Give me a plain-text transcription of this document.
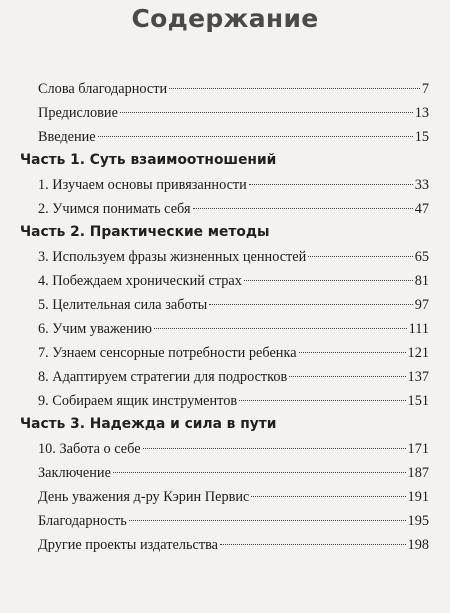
Содержание
Слова благодарности	7
Предисловие	13
Введение	15
Часть 1. Суть взаимоотношений
1. Изучаем основы привязанности	33
2. Учимся понимать себя	47
Часть 2. Практические методы
3. Используем фразы жизненных ценностей	65
4. Побеждаем хронический страх	81
5. Целительная сила заботы	97
6. Учим уважению	111
7. Узнаем сенсорные потребности ребенка	121
8. Адаптируем стратегии для подростков	137
9. Собираем ящик инструментов	151
Часть 3. Надежда и сила в пути
10. Забота о себе	171
Заключение	187
День уважения д-ру Кэрин Первис	191
Благодарность	195
Другие проекты издательства	198
